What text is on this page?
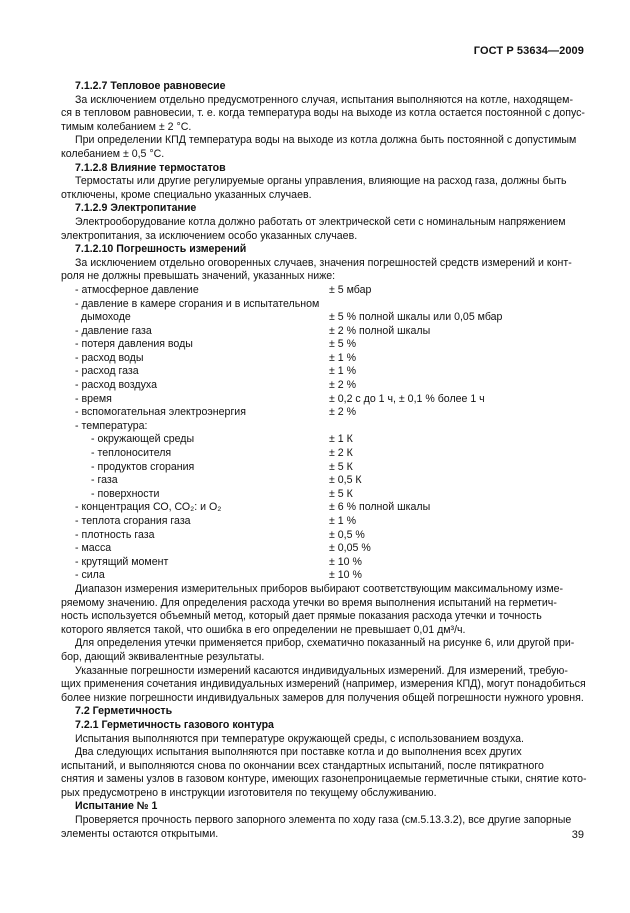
ГОСТ Р 53634—2009
7.1.2.7 Тепловое равновесие
За исключением отдельно предусмотренного случая, испытания выполняются на котле, находящем-
ся в тепловом равновесии, т. е. когда температура воды на выходе из котла остается постоянной с допус-
тимым колебанием ± 2 °С.
При определении КПД температура воды на выходе из котла должна быть постоянной с допустимым
колебанием ± 0,5 °С.
7.1.2.8 Влияние термостатов
Термостаты или другие регулируемые органы управления, влияющие на расход газа, должны быть
отключены, кроме специально указанных случаев.
7.1.2.9 Электропитание
Электрооборудование котла должно работать от электрической сети с номинальным напряжением
электропитания, за исключением особо указанных случаев.
7.1.2.10 Погрешность измерений
За исключением отдельно оговоренных случаев, значения погрешностей средств измерений и конт-
роля не должны превышать значений, указанных ниже:
- атмосферное давление	± 5 мбар
- давление в камере сгорания и в испытательном
дымоходе	± 5 % полной шкалы или 0,05 мбар
- давление газа	± 2 % полной шкалы
- потеря давления воды	± 5 %
- расход воды	± 1 %
- расход газа	± 1 %
- расход воздуха	± 2 %
- время	± 0,2 с до 1 ч, ± 0,1 % более 1 ч
- вспомогательная электроэнергия	± 2 %
- температура:
- окружающей среды	± 1 К
- теплоносителя	± 2 К
- продуктов сгорания	± 5 К
- газа	± 0,5 К
- поверхности	± 5 К
- концентрация СО, СО₂: и О₂	± 6 % полной шкалы
- теплота сгорания газа	± 1 %
- плотность газа	± 0,5 %
- масса	± 0,05 %
- крутящий момент	± 10 %
- сила	± 10 %
Диапазон измерения измерительных приборов выбирают соответствующим максимальному изме-
ряемому значению. Для определения расхода утечки во время выполнения испытаний на герметич-
ность используется объемный метод, который дает прямые показания расхода утечки и точность
которого является такой, что ошибка в его определении не превышает 0,01 дм³/ч.
Для определения утечки применяется прибор, схематично показанный на рисунке 6, или другой при-
бор, дающий эквивалентные результаты.
Указанные погрешности измерений касаются индивидуальных измерений. Для измерений, требую-
щих применения сочетания индивидуальных измерений (например, измерения КПД), могут понадобиться
более низкие погрешности индивидуальных замеров для получения общей погрешности нужного уровня.
7.2 Герметичность
7.2.1 Герметичность газового контура
Испытания выполняются при температуре окружающей среды, с использованием воздуха.
Два следующих испытания выполняются при поставке котла и до выполнения всех других
испытаний, и выполняются снова по окончании всех стандартных испытаний, после пятикратного
снятия и замены узлов в газовом контуре, имеющих газонепроницаемые герметичные стыки, снятие кото-
рых предусмотрено в инструкции изготовителя по текущему обслуживанию.
Испытание № 1
Проверяется прочность первого запорного элемента по ходу газа (см.5.13.3.2), все другие запорные
элементы остаются открытыми.	39
